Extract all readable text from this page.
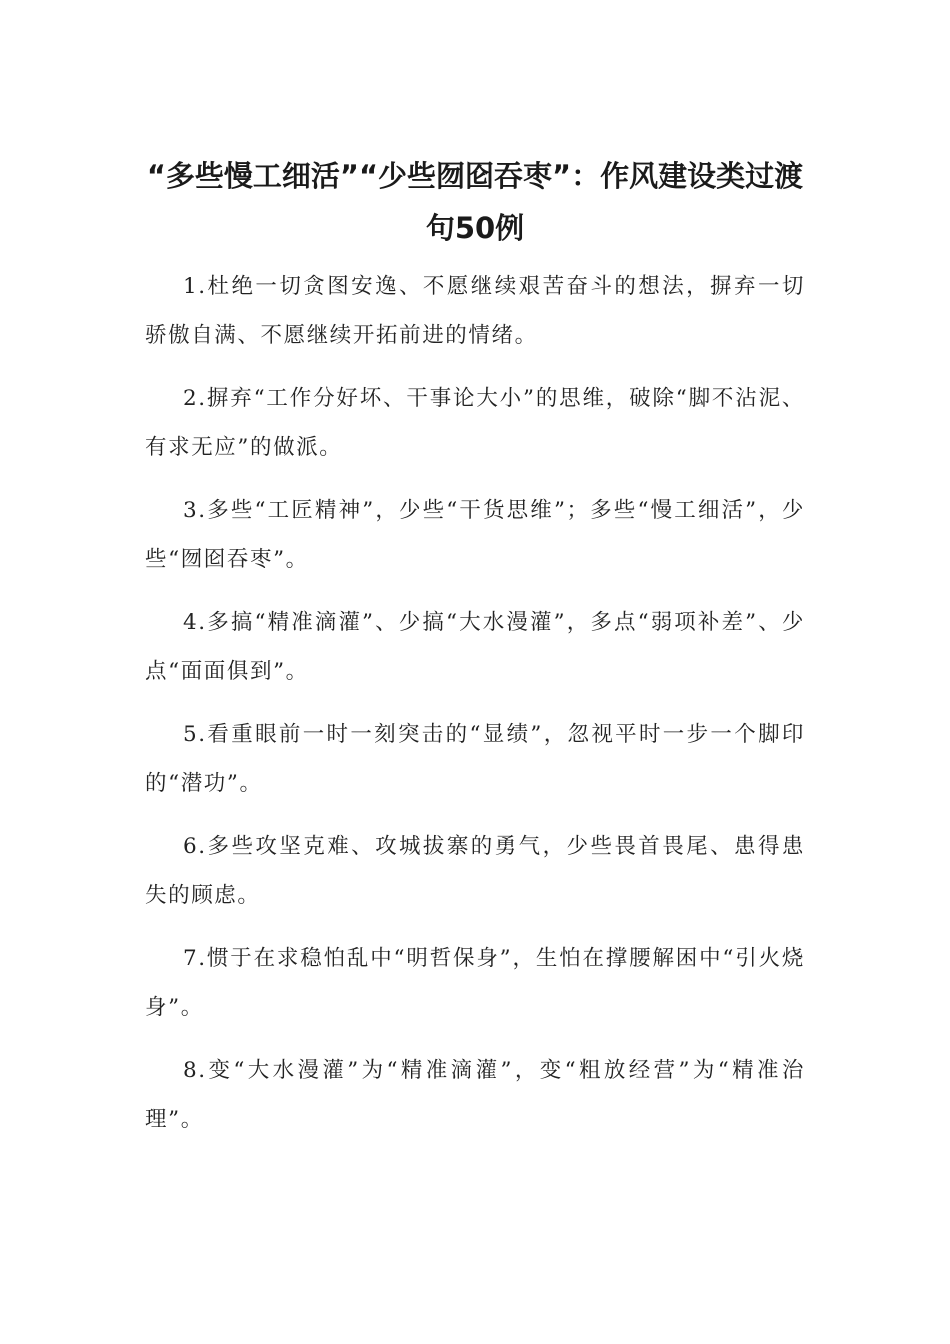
“多些慢工细活”“少些囫囵吞枣”：作风建设类过渡句50例

1.杜绝一切贪图安逸、不愿继续艰苦奋斗的想法，摒弃一切骄傲自满、不愿继续开拓前进的情绪。

2.摒弃“工作分好坏、干事论大小”的思维，破除“脚不沾泥、有求无应”的做派。

3.多些“工匠精神”，少些“干货思维”；多些“慢工细活”，少些“囫囵吞枣”。

4.多搞“精准滴灌”、少搞“大水漫灌”，多点“弱项补差”、少点“面面俱到”。

5.看重眼前一时一刻突击的“显绩”，忽视平时一步一个脚印的“潜功”。

6.多些攻坚克难、攻城拔寨的勇气，少些畏首畏尾、患得患失的顾虑。

7.惯于在求稳怕乱中“明哲保身”，生怕在撑腰解困中“引火烧身”。

8.变“大水漫灌”为“精准滴灌”，变“粗放经营”为“精准治理”。
